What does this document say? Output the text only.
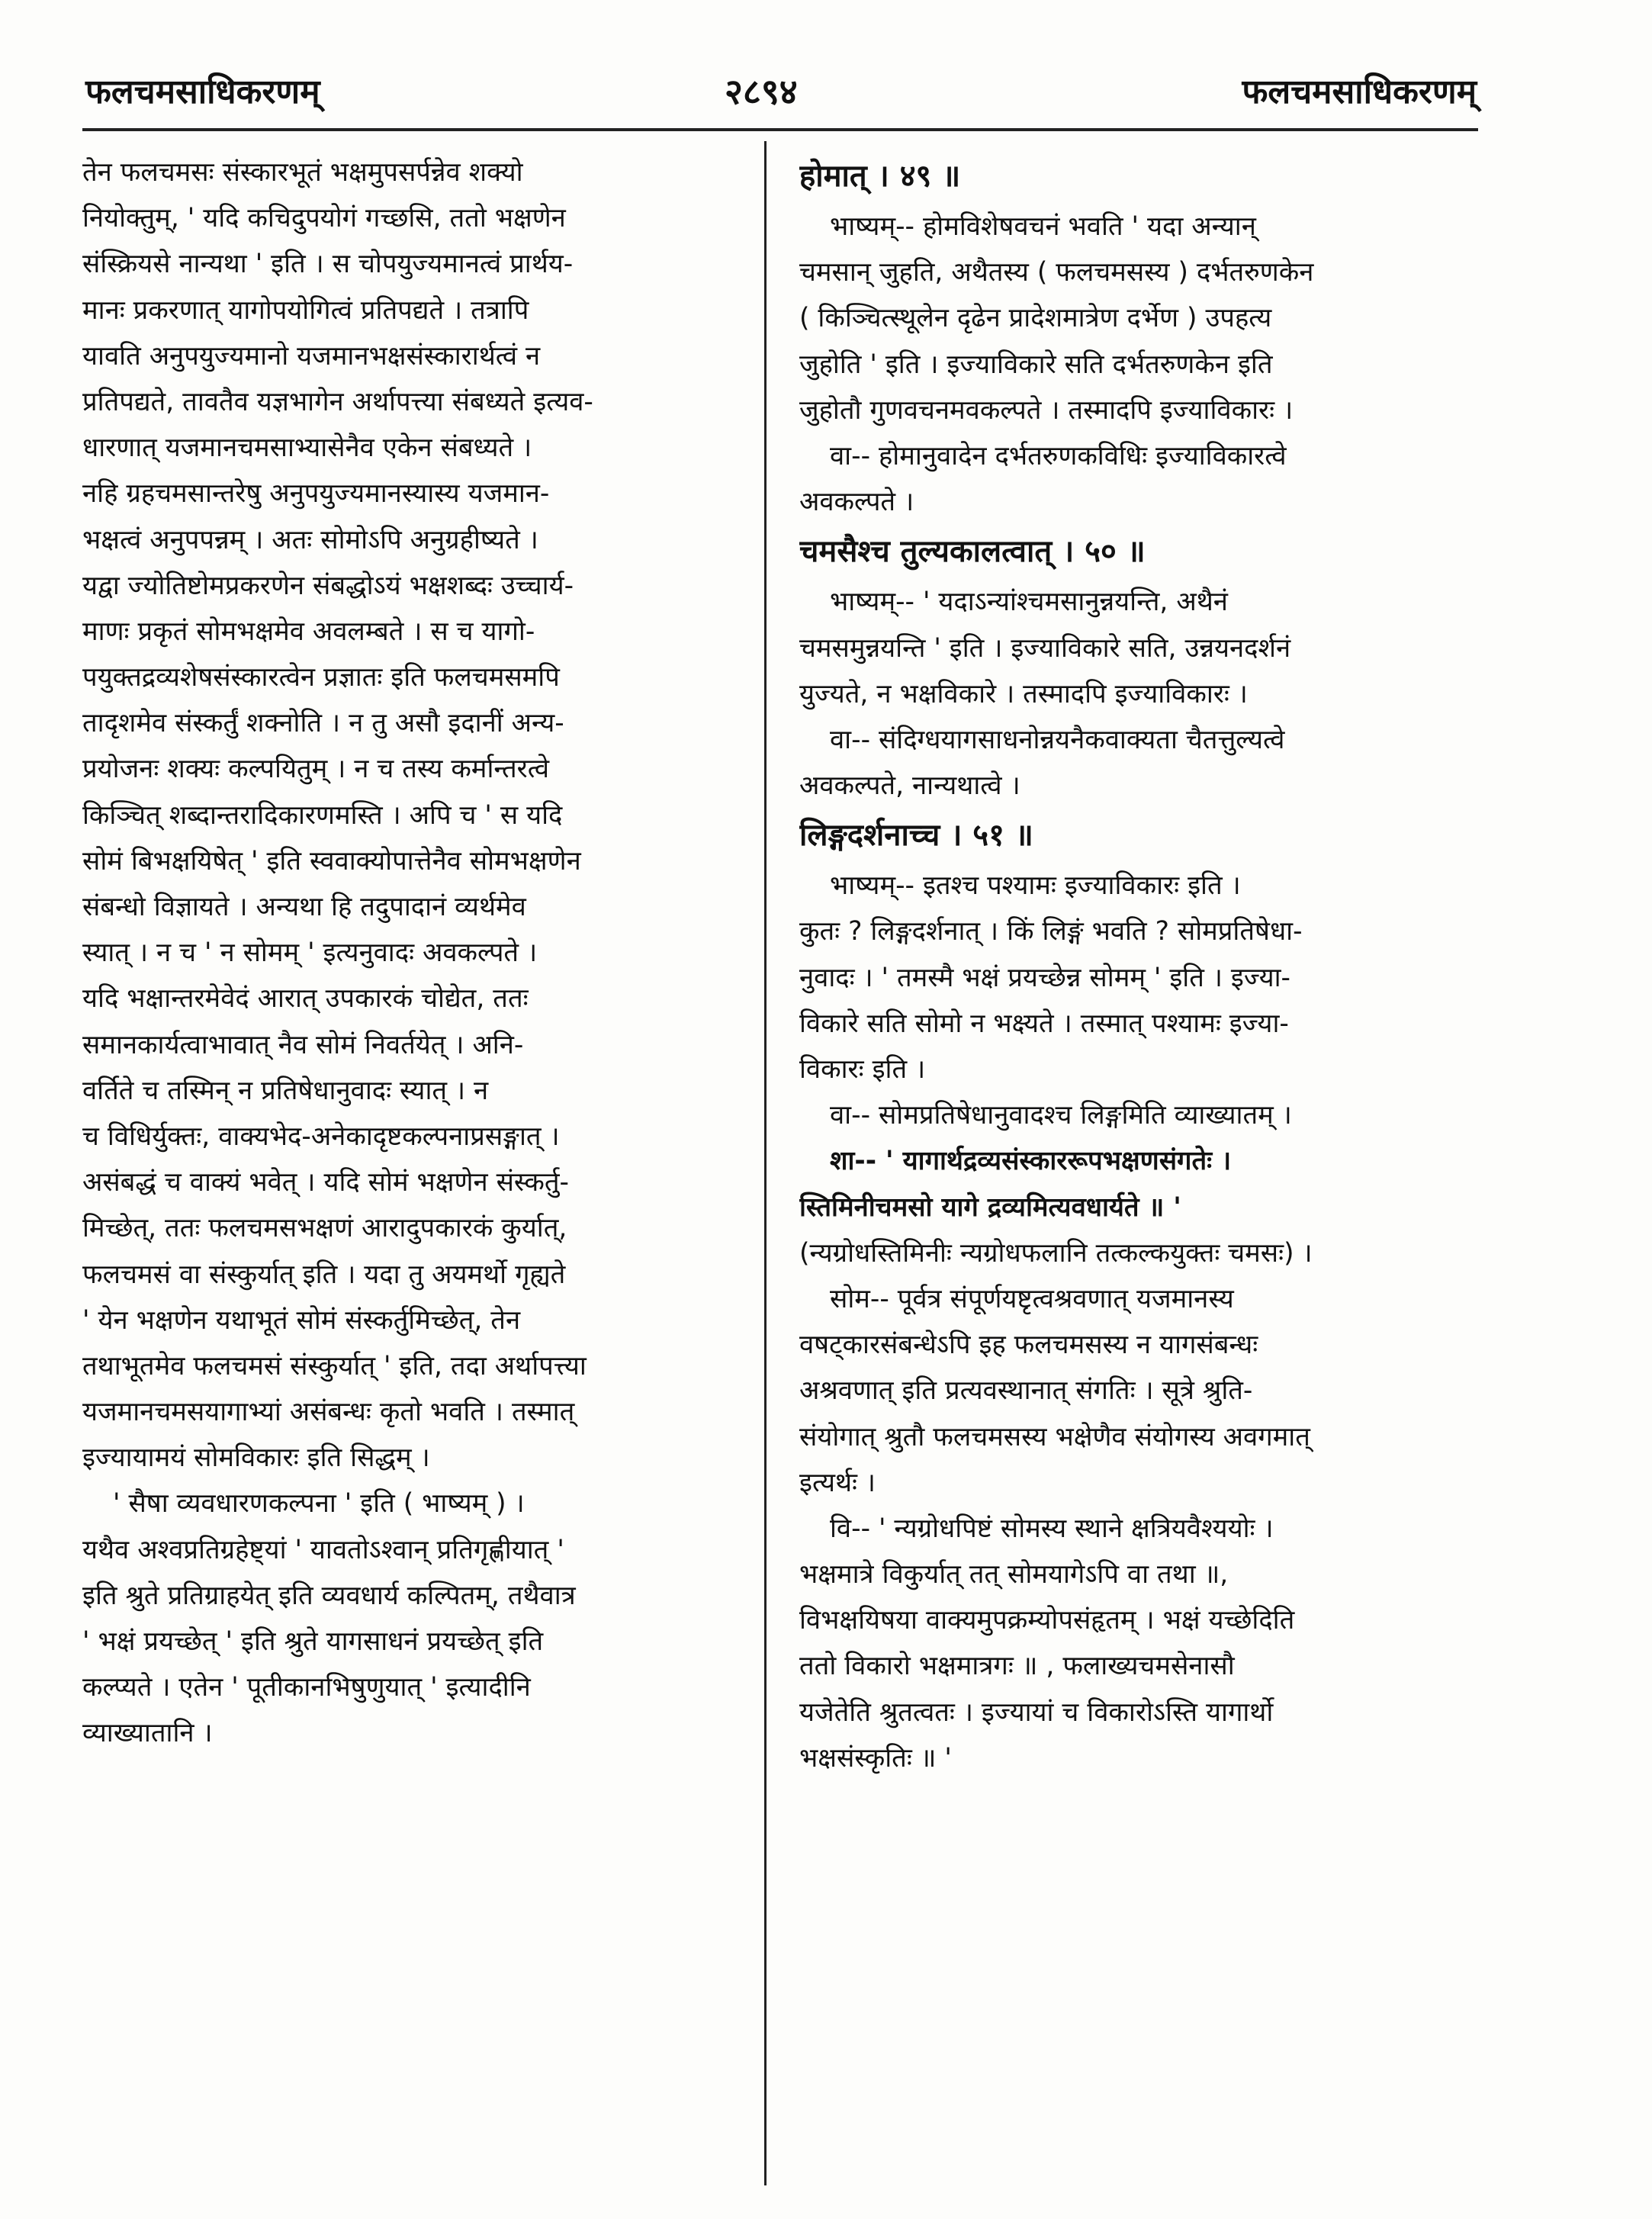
फलचमसाधिकरणम्	२८९४	फलचमसाधिकरणम्
तेन फलचमसः संस्कारभूतं भक्षमुपसर्पन्नेव शक्यो
नियोक्तुम्, ' यदि कचिदुपयोगं गच्छसि, ततो भक्षणेन
संस्क्रियसे नान्यथा ' इति । स चोपयुज्यमानत्वं प्रार्थय-
मानः प्रकरणात् यागोपयोगित्वं प्रतिपद्यते । तत्रापि
यावति अनुपयुज्यमानो यजमानभक्षसंस्कारार्थत्वं न
प्रतिपद्यते, तावतैव यज्ञभागेन अर्थापत्त्या संबध्यते इत्यव-
धारणात् यजमानचमसाभ्यासेनैव एकेन संबध्यते ।
नहि ग्रहचमसान्तरेषु अनुपयुज्यमानस्यास्य यजमान-
भक्षत्वं अनुपपन्नम् । अतः सोमोऽपि अनुग्रहीष्यते ।
यद्वा ज्योतिष्टोमप्रकरणेन संबद्धोऽयं भक्षशब्दः उच्चार्य-
माणः प्रकृतं सोमभक्षमेव अवलम्बते । स च यागो-
पयुक्तद्रव्यशेषसंस्कारत्वेन प्रज्ञातः इति फलचमसमपि
तादृशमेव संस्कर्तुं शक्नोति । न तु असौ इदानीं अन्य-
प्रयोजनः शक्यः कल्पयितुम् । न च तस्य कर्मान्तरत्वे
किञ्चित् शब्दान्तरादिकारणमस्ति । अपि च ' स यदि
सोमं बिभक्षयिषेत् ' इति स्ववाक्योपात्तेनैव सोमभक्षणेन
संबन्धो विज्ञायते । अन्यथा हि तदुपादानं व्यर्थमेव
स्यात् । न च ' न सोमम् ' इत्यनुवादः अवकल्पते ।
यदि भक्षान्तरमेवेदं आरात् उपकारकं चोद्येत, ततः
समानकार्यत्वाभावात् नैव सोमं निवर्तयेत् । अनि-
वर्तिते च तस्मिन् न प्रतिषेधानुवादः स्यात् । न
च विधिर्युक्तः, वाक्यभेद-अनेकादृष्टकल्पनाप्रसङ्गात् ।
असंबद्धं च वाक्यं भवेत् । यदि सोमं भक्षणेन संस्कर्तु-
मिच्छेत्, ततः फलचमसभक्षणं आरादुपकारकं कुर्यात्,
फलचमसं वा संस्कुर्यात् इति । यदा तु अयमर्थो गृह्यते
' येन भक्षणेन यथाभूतं सोमं संस्कर्तुमिच्छेत्, तेन
तथाभूतमेव फलचमसं संस्कुर्यात् ' इति, तदा अर्थापत्त्या
यजमानचमसयागाभ्यां असंबन्धः कृतो भवति । तस्मात्
इज्यायामयं सोमविकारः इति सिद्धम् ।
' सैषा व्यवधारणकल्पना ' इति ( भाष्यम् ) ।
यथैव अश्वप्रतिग्रहेष्ट्यां ' यावतोऽश्वान् प्रतिगृह्णीयात् '
इति श्रुते प्रतिग्राहयेत् इति व्यवधार्य कल्पितम्, तथैवात्र
' भक्षं प्रयच्छेत् ' इति श्रुते यागसाधनं प्रयच्छेत् इति
कल्प्यते । एतेन ' पूतीकानभिषुणुयात् ' इत्यादीनि
व्याख्यातानि ।
होमात् । ४९ ॥
भाष्यम्-- होमविशेषवचनं भवति ' यदा अन्यान्
चमसान् जुहति, अथैतस्य ( फलचमसस्य ) दर्भतरुणकेन
( किञ्चित्स्थूलेन दृढेन प्रादेशमात्रेण दर्भेण ) उपहत्य
जुहोति ' इति । इज्याविकारे सति दर्भतरुणकेन इति
जुहोतौ गुणवचनमवकल्पते । तस्मादपि इज्याविकारः ।
वा-- होमानुवादेन दर्भतरुणकविधिः इज्याविकारत्वे
अवकल्पते ।
चमसैश्च तुल्यकालत्वात् । ५० ॥
भाष्यम्-- ' यदाऽन्यांश्चमसानुन्नयन्ति, अथैनं
चमसमुन्नयन्ति ' इति । इज्याविकारे सति, उन्नयनदर्शनं
युज्यते, न भक्षविकारे । तस्मादपि इज्याविकारः ।
वा-- संदिग्धयागसाधनोन्नयनैकवाक्यता चैतत्तुल्यत्वे
अवकल्पते, नान्यथात्वे ।
लिङ्गदर्शनाच्च । ५१ ॥
भाष्यम्-- इतश्च पश्यामः इज्याविकारः इति ।
कुतः ? लिङ्गदर्शनात् । किं लिङ्गं भवति ? सोमप्रतिषेधा-
नुवादः । ' तमस्मै भक्षं प्रयच्छेन्न सोमम् ' इति । इज्या-
विकारे सति सोमो न भक्ष्यते । तस्मात् पश्यामः इज्या-
विकारः इति ।
वा-- सोमप्रतिषेधानुवादश्च लिङ्गमिति व्याख्यातम् ।
शा-- ' यागार्थद्रव्यसंस्काररूपभक्षणसंगतेः ।
स्तिमिनीचमसो यागे द्रव्यमित्यवधार्यते ॥ '
(न्यग्रोधस्तिमिनीः न्यग्रोधफलानि तत्कल्कयुक्तः चमसः) ।
सोम-- पूर्वत्र संपूर्णयष्टृत्वश्रवणात् यजमानस्य
वषट्कारसंबन्धेऽपि इह फलचमसस्य न यागसंबन्धः
अश्रवणात् इति प्रत्यवस्थानात् संगतिः । सूत्रे श्रुति-
संयोगात् श्रुतौ फलचमसस्य भक्षेणैव संयोगस्य अवगमात्
इत्यर्थः ।
वि-- ' न्यग्रोधपिष्टं सोमस्य स्थाने क्षत्रियवैश्ययोः ।
भक्षमात्रे विकुर्यात् तत् सोमयागेऽपि वा तथा ॥,
विभक्षयिषया वाक्यमुपक्रम्योपसंहृतम् । भक्षं यच्छेदिति
ततो विकारो भक्षमात्रगः ॥ , फलाख्यचमसेनासौ
यजेतेति श्रुतत्वतः । इज्यायां च विकारोऽस्ति यागार्थो
भक्षसंस्कृतिः ॥ '
